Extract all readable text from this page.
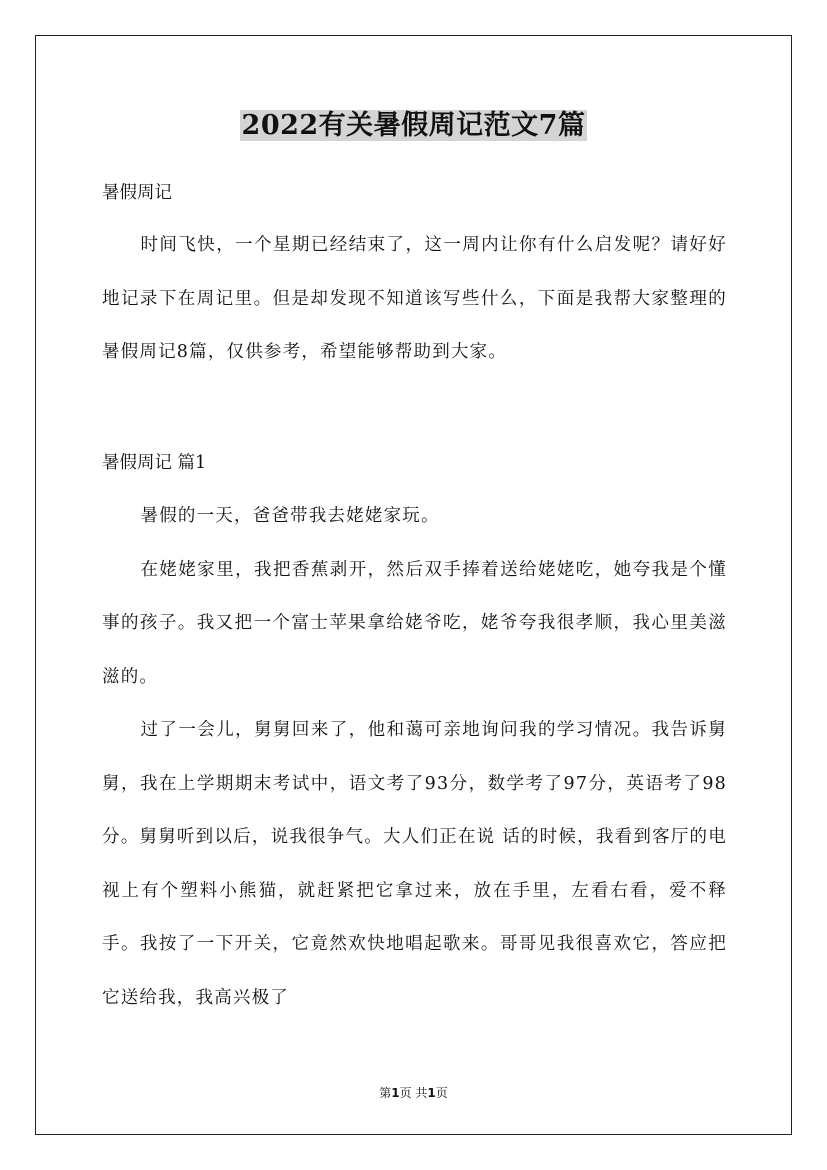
2022有关暑假周记范文7篇
暑假周记

时间飞快，一个星期已经结束了，这一周内让你有什么启发呢？请好好地记录下在周记里。但是却发现不知道该写些什么，下面是我帮大家整理的暑假周记8篇，仅供参考，希望能够帮助到大家。

暑假周记 篇1

暑假的一天，爸爸带我去姥姥家玩。

在姥姥家里，我把香蕉剥开，然后双手捧着送给姥姥吃，她夸我是个懂事的孩子。我又把一个富士苹果拿给姥爷吃，姥爷夸我很孝顺，我心里美滋滋的。

过了一会儿，舅舅回来了，他和蔼可亲地询问我的学习情况。我告诉舅舅，我在上学期期末考试中，语文考了93分，数学考了97分，英语考了98分。舅舅听到以后，说我很争气。大人们正在说 话的时候，我看到客厅的电视上有个塑料小熊猫，就赶紧把它拿过来，放在手里，左看右看，爱不释手。我按了一下开关，它竟然欢快地唱起歌来。哥哥见我很喜欢它，答应把它送给我，我高兴极了

第1页 共1页
